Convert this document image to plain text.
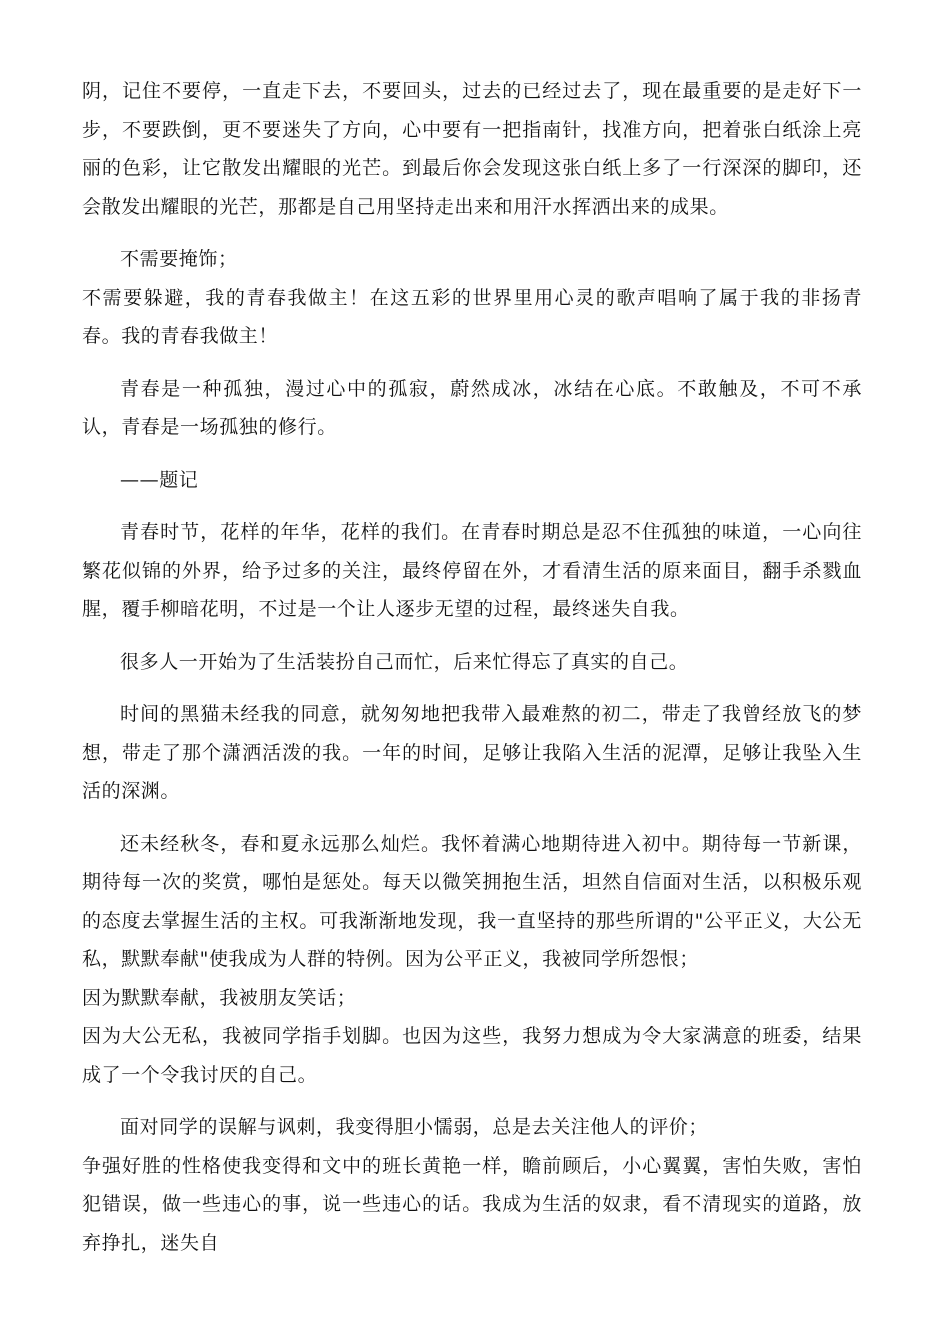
阴，记住不要停，一直走下去，不要回头，过去的已经过去了，现在最重要的是走好下一步，不要跌倒，更不要迷失了方向，心中要有一把指南针，找准方向，把着张白纸涂上亮丽的色彩，让它散发出耀眼的光芒。到最后你会发现这张白纸上多了一行深深的脚印，还会散发出耀眼的光芒，那都是自己用坚持走出来和用汗水挥洒出来的成果。

不需要掩饰；

不需要躲避，我的青春我做主！在这五彩的世界里用心灵的歌声唱响了属于我的非扬青春。我的青春我做主！

青春是一种孤独，漫过心中的孤寂，蔚然成冰，冰结在心底。不敢触及，不可不承认，青春是一场孤独的修行。

——题记

青春时节，花样的年华，花样的我们。在青春时期总是忍不住孤独的味道，一心向往繁花似锦的外界，给予过多的关注，最终停留在外，才看清生活的原来面目，翻手杀戮血腥，覆手柳暗花明，不过是一个让人逐步无望的过程，最终迷失自我。

很多人一开始为了生活装扮自己而忙，后来忙得忘了真实的自己。

时间的黑猫未经我的同意，就匆匆地把我带入最难熬的初二，带走了我曾经放飞的梦想，带走了那个潇洒活泼的我。一年的时间，足够让我陷入生活的泥潭，足够让我坠入生活的深渊。

还未经秋冬，春和夏永远那么灿烂。我怀着满心地期待进入初中。期待每一节新课，期待每一次的奖赏，哪怕是惩处。每天以微笑拥抱生活，坦然自信面对生活，以积极乐观的态度去掌握生活的主权。可我渐渐地发现，我一直坚持的那些所谓的"公平正义，大公无私，默默奉献"使我成为人群的特例。因为公平正义，我被同学所怨恨；

因为默默奉献，我被朋友笑话；

因为大公无私，我被同学指手划脚。也因为这些，我努力想成为令大家满意的班委，结果成了一个令我讨厌的自己。

面对同学的误解与讽刺，我变得胆小懦弱，总是去关注他人的评价；

争强好胜的性格使我变得和文中的班长黄艳一样，瞻前顾后，小心翼翼，害怕失败，害怕犯错误，做一些违心的事，说一些违心的话。我成为生活的奴隶，看不清现实的道路，放弃挣扎，迷失自
